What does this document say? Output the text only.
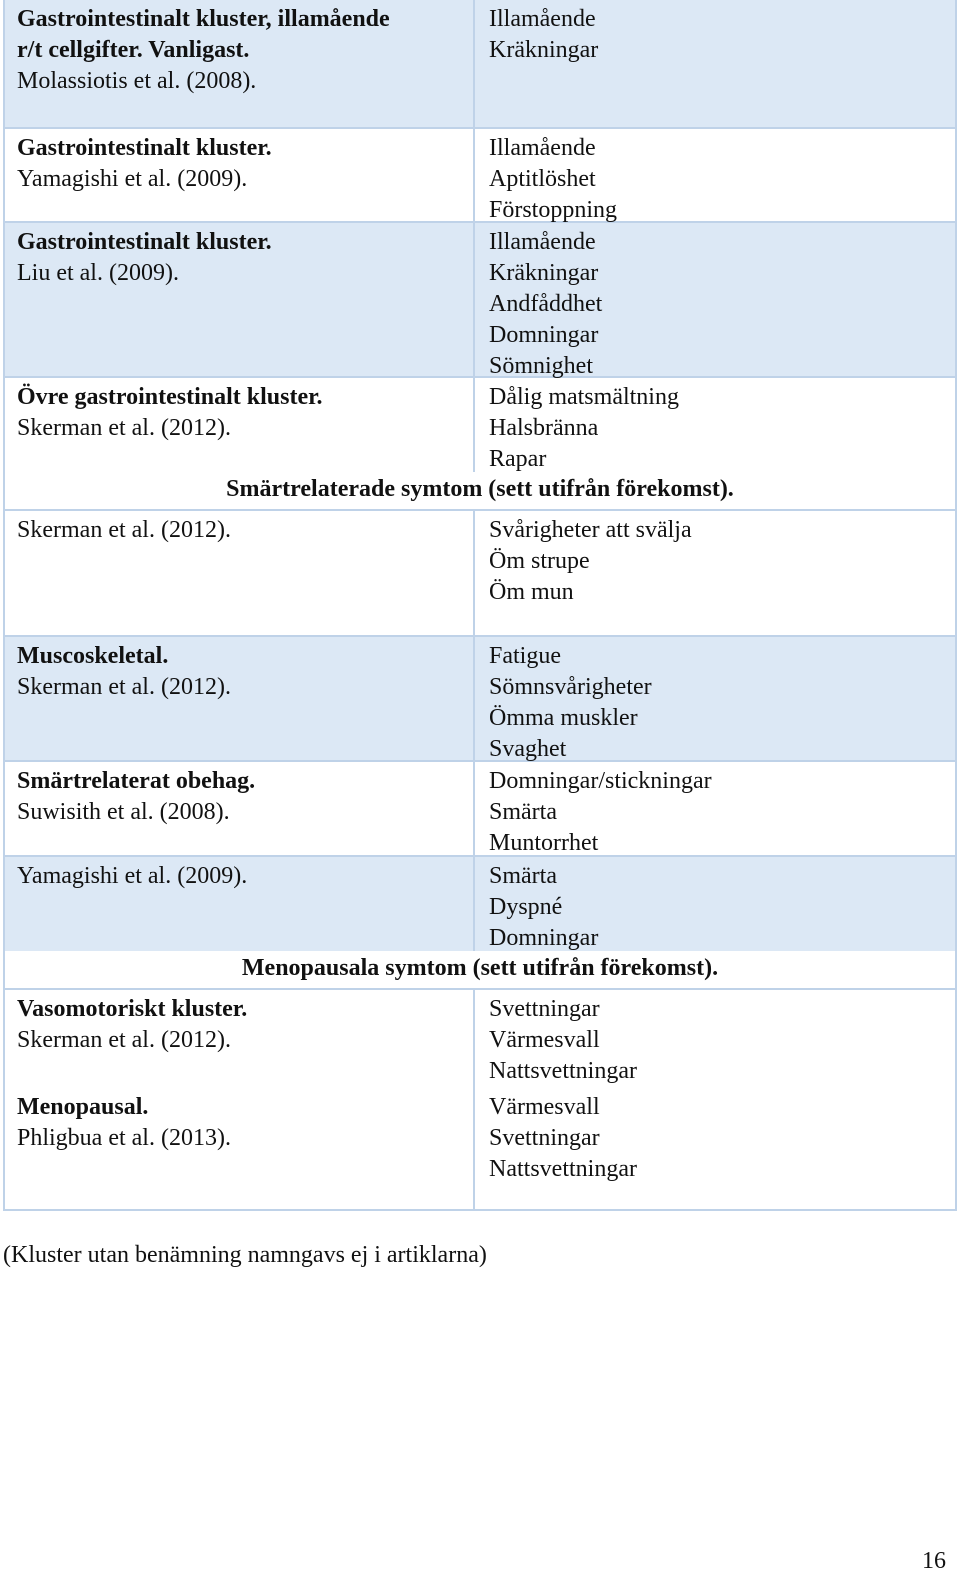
Gastrointestinalt kluster, illamående
r/t cellgifter. Vanligast.
Molassiotis et al. (2008).
Illamående
Kräkningar
Gastrointestinalt kluster.
Yamagishi et al. (2009).
Illamående
Aptitlöshet
Förstoppning
Gastrointestinalt kluster.
Liu et al. (2009).
Illamående
Kräkningar
Andfåddhet
Domningar
Sömnighet
Övre gastrointestinalt kluster.
Skerman et al. (2012).
Dålig matsmältning
Halsbränna
Rapar
Smärtrelaterade symtom (sett utifrån förekomst).
Skerman et al. (2012).	Svårigheter att svälja
Öm strupe
Öm mun
Muscoskeletal.
Skerman et al. (2012).
Fatigue
Sömnsvårigheter
Ömma muskler
Svaghet
Smärtrelaterat obehag.
Suwisith et al. (2008).
Domningar/stickningar
Smärta
Muntorrhet
Yamagishi et al. (2009).	Smärta
Dyspné
Domningar
Menopausala symtom (sett utifrån förekomst).
Vasomotoriskt kluster.
Skerman et al. (2012).
Svettningar
Värmesvall
Nattsvettningar
Menopausal.
Phligbua et al. (2013).
Värmesvall
Svettningar
Nattsvettningar
(Kluster utan benämning namngavs ej i artiklarna)
16
